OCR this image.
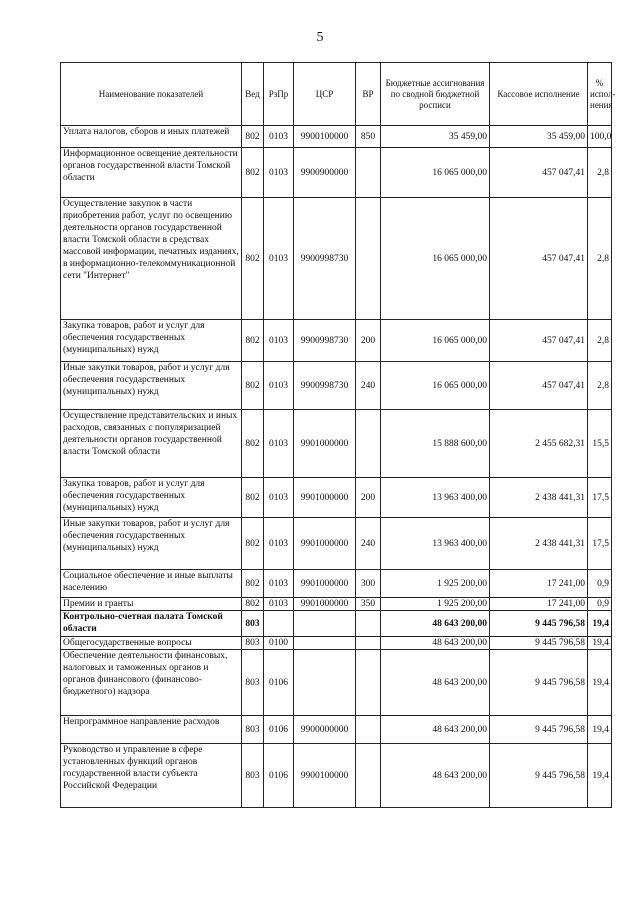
5
Наименование показателей	Вед	РзПр	ЦСР	ВР	Бюджетные ассигнования по сводной бюджетной росписи	Кассовое исполнение	% испол-нения
Уплата налогов, сборов и иных платежей	802	0103	9900100000	850	35 459,00	35 459,00	100,0
Информационное освещение деятельности органов государственной власти Томской области	802	0103	9900900000		16 065 000,00	457 047,41	2,8
Осуществление закупок в части приобретения работ, услуг по освещению деятельности органов государственной власти Томской области в средствах массовой информации, печатных изданиях, в информационно-телекоммуникационной сети "Интернет"	802	0103	9900998730		16 065 000,00	457 047,41	2,8
Закупка товаров, работ и услуг для обеспечения государственных (муниципальных) нужд	802	0103	9900998730	200	16 065 000,00	457 047,41	2,8
Иные закупки товаров, работ и услуг для обеспечения государственных (муниципальных) нужд	802	0103	9900998730	240	16 065 000,00	457 047,41	2,8
Осуществление представительских и иных расходов, связанных с популяризацией деятельности органов государственной власти Томской области	802	0103	9901000000		15 888 600,00	2 455 682,31	15,5
Закупка товаров, работ и услуг для обеспечения государственных (муниципальных) нужд	802	0103	9901000000	200	13 963 400,00	2 438 441,31	17,5
Иные закупки товаров, работ и услуг для обеспечения государственных (муниципальных) нужд	802	0103	9901000000	240	13 963 400,00	2 438 441,31	17,5
Социальное обеспечение и иные выплаты населению	802	0103	9901000000	300	1 925 200,00	17 241,00	0,9
Премии и гранты	802	0103	9901000000	350	1 925 200,00	17 241,00	0,9
Контрольно-счетная палата Томской области	803				48 643 200,00	9 445 796,58	19,4
Общегосударственные вопросы	803	0100			48 643 200,00	9 445 796,58	19,4
Обеспечение деятельности финансовых, налоговых и таможенных органов и органов финансового (финансово-бюджетного) надзора	803	0106			48 643 200,00	9 445 796,58	19,4
Непрограммное направление расходов	803	0106	9900000000		48 643 200,00	9 445 796,58	19,4
Руководство и управление в сфере установленных функций органов государственной власти субъекта Российской Федерации	803	0106	9900100000		48 643 200,00	9 445 796,58	19,4
